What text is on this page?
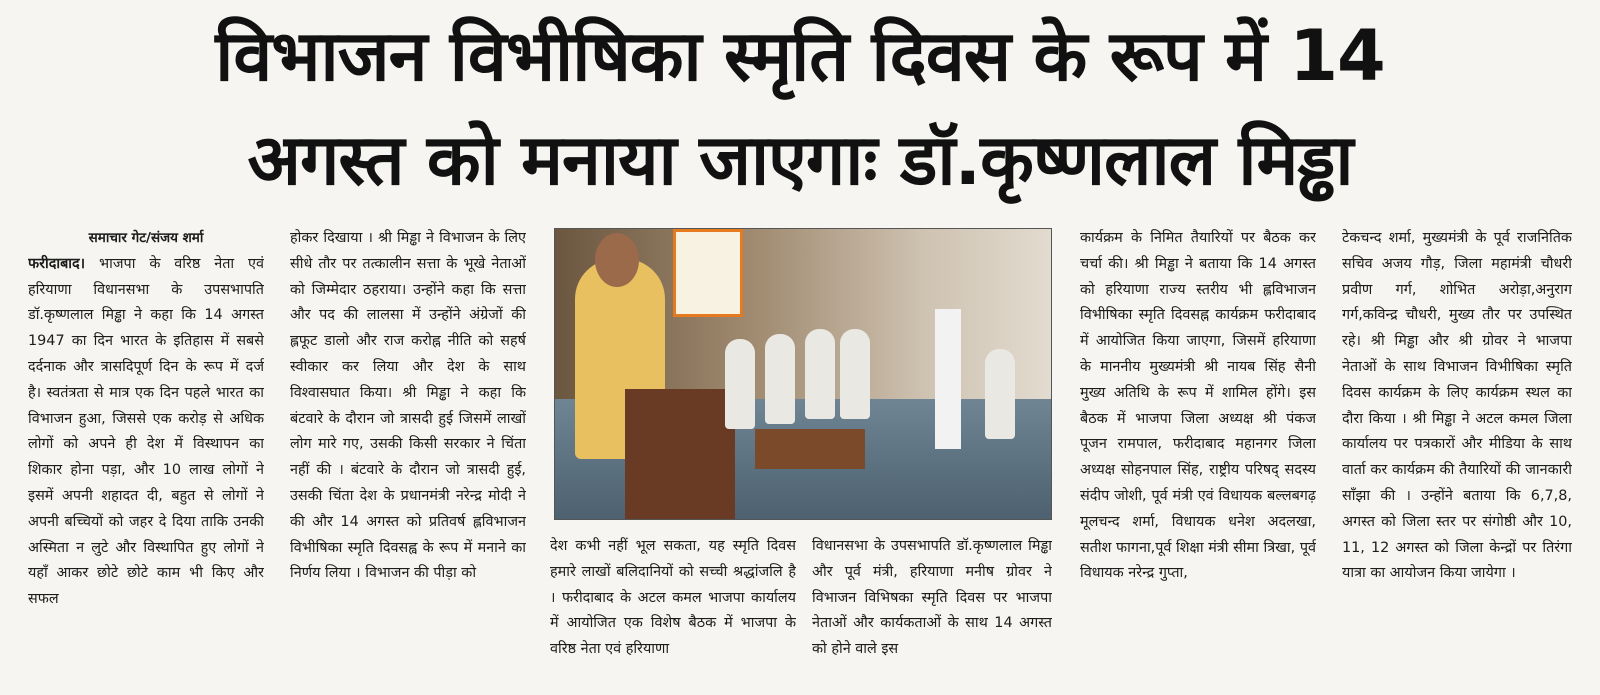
विभाजन विभीषिका स्मृति दिवस के रूप में 14
अगस्त को मनाया जाएगाः डॉ.कृष्णलाल मिड्ढा
समाचार गेट/संजय शर्मा

फरीदाबाद। भाजपा के वरिष्ठ नेता एवं हरियाणा विधानसभा के उपसभापति डॉ.कृष्णलाल मिड्ढा ने कहा कि 14 अगस्त 1947 का दिन भारत के इतिहास में सबसे दर्दनाक और त्रासदिपूर्ण दिन के रूप में दर्ज है। स्वतंत्रता से मात्र एक दिन पहले भारत का विभाजन हुआ, जिससे एक करोड़ से अधिक लोगों को अपने ही देश में विस्थापन का शिकार होना पड़ा, और 10 लाख लोगों ने इसमें अपनी शहादत दी, बहुत से लोगों ने अपनी बच्चियों को जहर दे दिया ताकि उनकी अस्मिता न लुटे और विस्थापित हुए लोगों ने यहाँ आकर छोटे छोटे काम भी किए और सफल

होकर दिखाया । श्री मिड्ढा ने विभाजन के लिए सीधे तौर पर तत्कालीन सत्ता के भूखे नेताओं को जिम्मेदार ठहराया। उन्होंने कहा कि सत्ता और पद की लालसा में उन्होंने अंग्रेजों की ह्लफूट डालो और राज करोह्न नीति को सहर्ष स्वीकार कर लिया और देश के साथ विश्वासघात किया। श्री मिड्ढा ने कहा कि बंटवारे के दौरान जो त्रासदी हुई जिसमें लाखों लोग मारे गए, उसकी किसी सरकार ने चिंता नहीं की । बंटवारे के दौरान जो त्रासदी हुई, उसकी चिंता देश के प्रधानमंत्री नरेन्द्र मोदी ने की और 14 अगस्त को प्रतिवर्ष ह्लविभाजन विभीषिका स्मृति दिवसह्व के रूप में मनाने का निर्णय लिया । विभाजन की पीड़ा को

देश कभी नहीं भूल सकता, यह स्मृति दिवस हमारे लाखों बलिदानियों को सच्ची श्रद्धांजलि है । फरीदाबाद के अटल कमल भाजपा कार्यालय में आयोजित एक विशेष बैठक में भाजपा के वरिष्ठ नेता एवं हरियाणा

विधानसभा के उपसभापति डॉ.कृष्णलाल मिड्ढा और पूर्व मंत्री, हरियाणा मनीष ग्रोवर ने विभाजन विभिषका स्मृति दिवस पर भाजपा नेताओं और कार्यकताओं के साथ 14 अगस्त को होने वाले इस

कार्यक्रम के निमित तैयारियों पर बैठक कर चर्चा की। श्री मिड्ढा ने बताया कि 14 अगस्त को हरियाणा राज्य स्तरीय भी ह्लविभाजन विभीषिका स्मृति दिवसह्न कार्यक्रम फरीदाबाद में आयोजित किया जाएगा, जिसमें हरियाणा के माननीय मुख्यमंत्री श्री नायब सिंह सैनी मुख्य अतिथि के रूप में शामिल होंगे। इस बैठक में भाजपा जिला अध्यक्ष श्री पंकज पूजन रामपाल, फरीदाबाद महानगर जिला अध्यक्ष सोहनपाल सिंह, राष्ट्रीय परिषद् सदस्य संदीप जोशी, पूर्व मंत्री एवं विधायक बल्लबगढ़ मूलचन्द शर्मा, विधायक धनेश अदलखा, सतीश फागना,पूर्व शिक्षा मंत्री सीमा त्रिखा, पूर्व विधायक नरेन्द्र गुप्ता,

टेकचन्द शर्मा, मुख्यमंत्री के पूर्व राजनितिक सचिव अजय गौड़, जिला महामंत्री चौधरी प्रवीण गर्ग, शोभित अरोड़ा,अनुराग गर्ग,कविन्द्र चौधरी, मुख्य तौर पर उपस्थित रहे। श्री मिड्ढा और श्री ग्रोवर ने भाजपा नेताओं के साथ विभाजन विभीषिका स्मृति दिवस कार्यक्रम के लिए कार्यक्रम स्थल का दौरा किया । श्री मिड्ढा ने अटल कमल जिला कार्यालय पर पत्रकारों और मीडिया के साथ वार्ता कर कार्यक्रम की तैयारियों की जानकारी साँझा की । उन्होंने बताया कि 6,7,8, अगस्त को जिला स्तर पर संगोष्ठी और 10, 11, 12 अगस्त को जिला केन्द्रों पर तिरंगा यात्रा का आयोजन किया जायेगा ।
